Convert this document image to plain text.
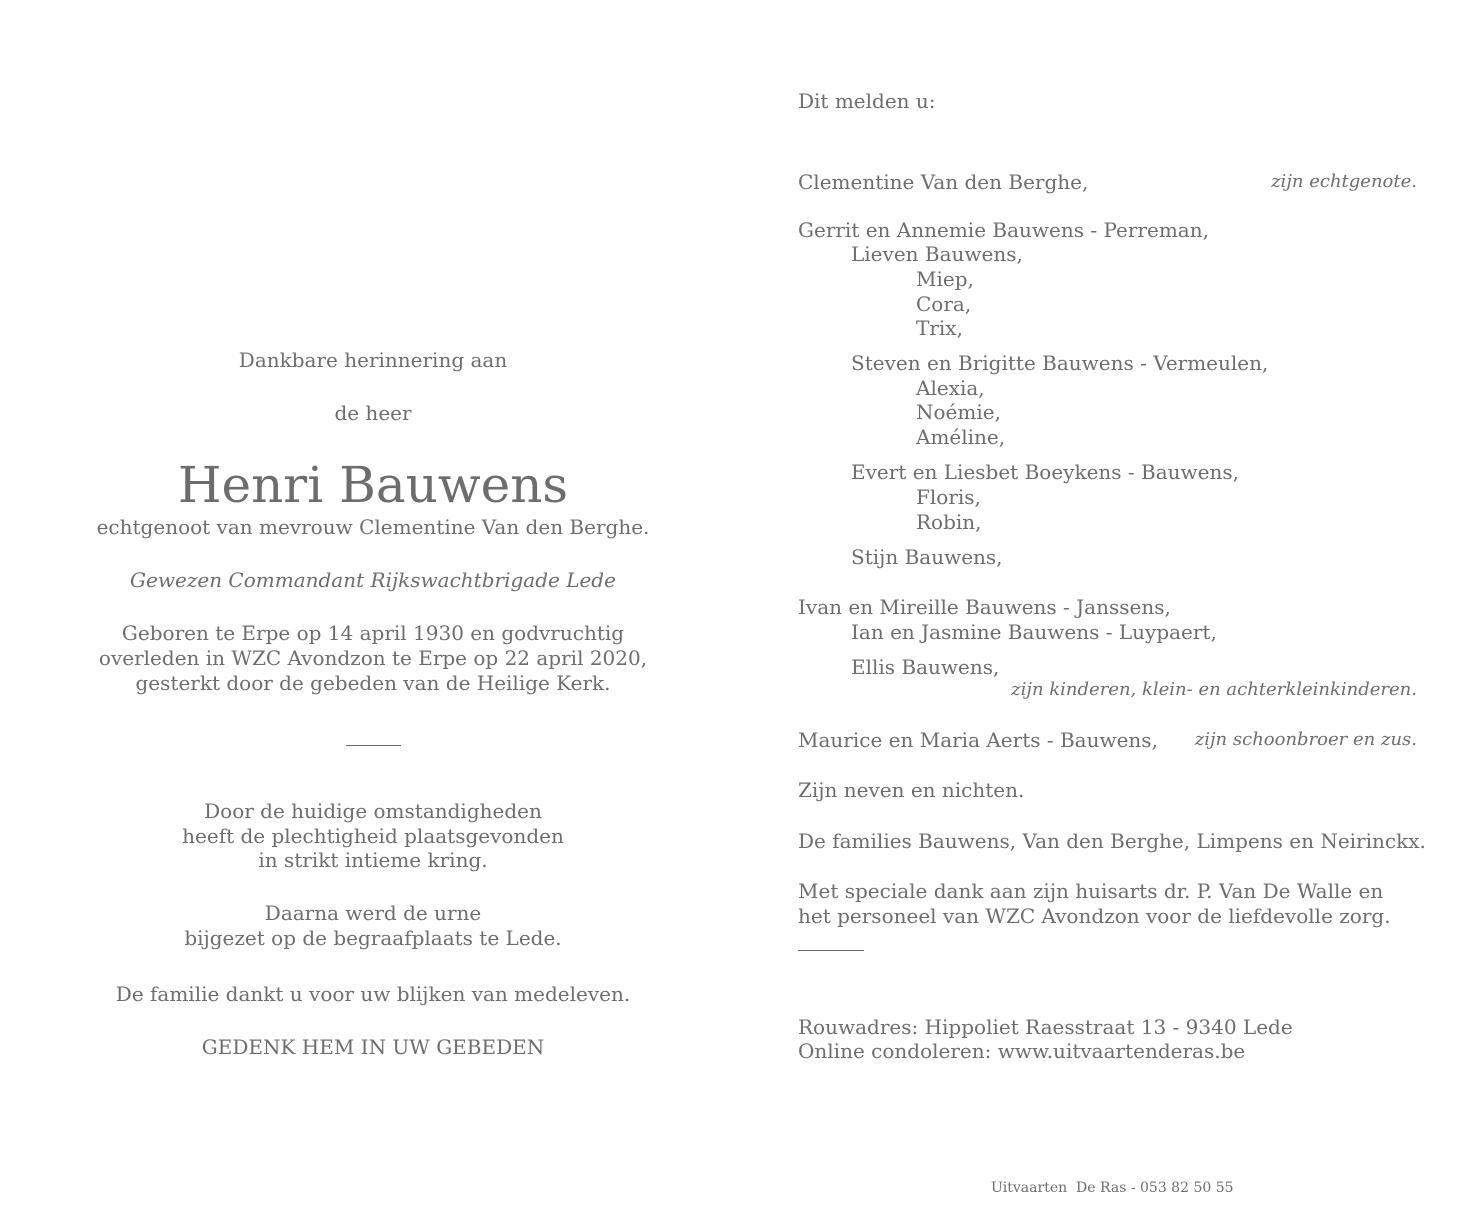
Dankbare herinnering aan
de heer
Henri Bauwens
echtgenoot van mevrouw Clementine Van den Berghe.
Gewezen Commandant Rijkswachtbrigade Lede
Geboren te Erpe op 14 april 1930 en godvruchtig
overleden in WZC Avondzon te Erpe op 22 april 2020,
gesterkt door de gebeden van de Heilige Kerk.
Door de huidige omstandigheden
heeft de plechtigheid plaatsgevonden
in strikt intieme kring.
Daarna werd de urne
bijgezet op de begraafplaats te Lede.
De familie dankt u voor uw blijken van medeleven.
GEDENK HEM IN UW GEBEDEN
Dit melden u:
Clementine Van den Berghe,	zijn echtgenote.
Gerrit en Annemie Bauwens - Perreman,
Lieven Bauwens,
Miep,
Cora,
Trix,
Steven en Brigitte Bauwens - Vermeulen,
Alexia,
Noémie,
Améline,
Evert en Liesbet Boeykens - Bauwens,
Floris,
Robin,
Stijn Bauwens,
Ivan en Mireille Bauwens - Janssens,
Ian en Jasmine Bauwens - Luypaert,
Ellis Bauwens,
zijn kinderen, klein- en achterkleinkinderen.
Maurice en Maria Aerts - Bauwens, zijn schoonbroer en zus.
Zijn neven en nichten.
De families Bauwens, Van den Berghe, Limpens en Neirinckx.
Met speciale dank aan zijn huisarts dr. P. Van De Walle en
het personeel van WZC Avondzon voor de liefdevolle zorg.
Rouwadres: Hippoliet Raesstraat 13 - 9340 Lede
Online condoleren: www.uitvaartenderas.be
Uitvaarten  De Ras - 053 82 50 55
